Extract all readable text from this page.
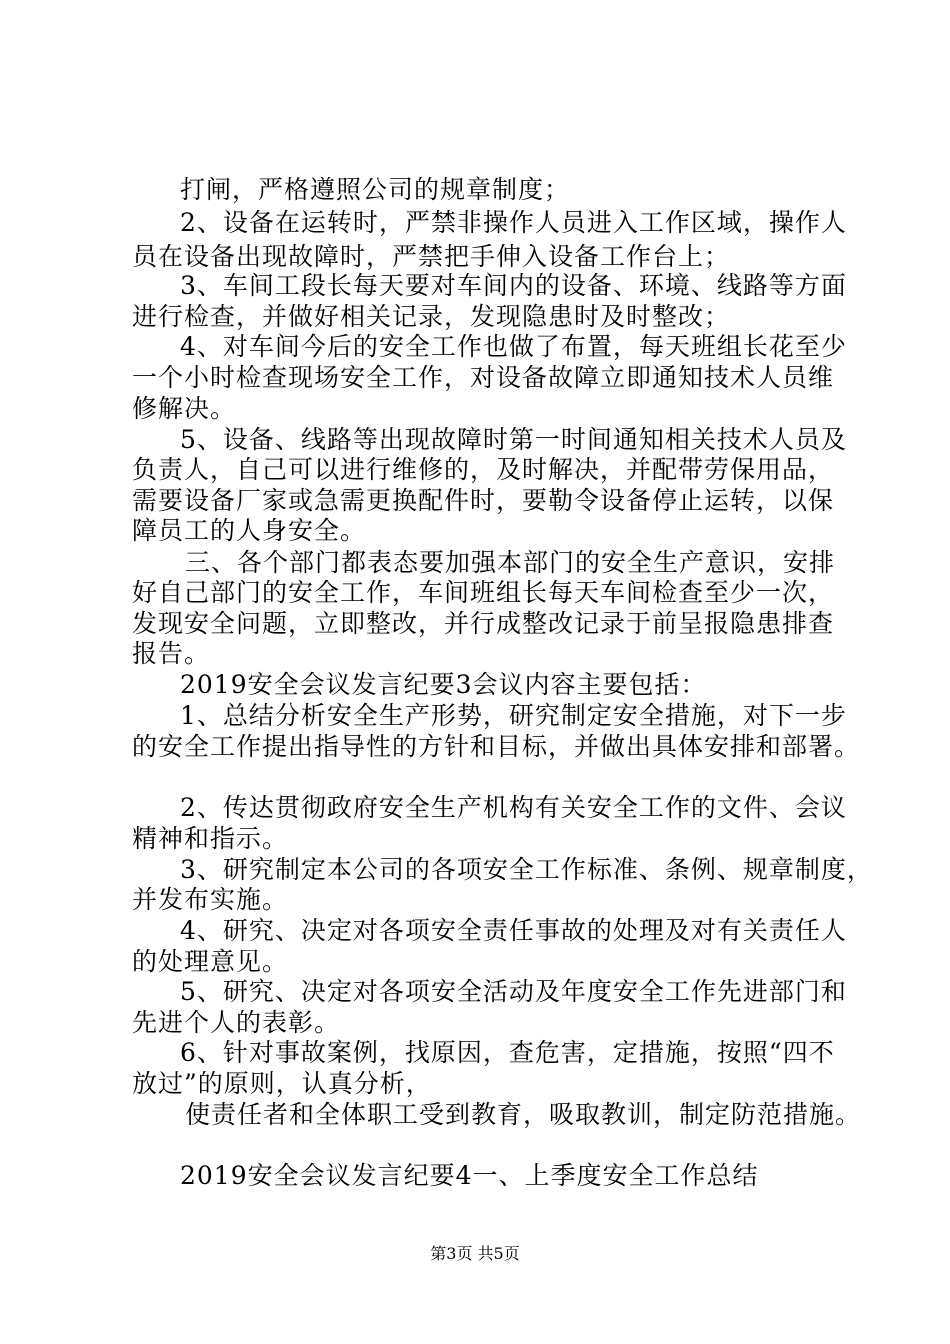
打闸，严格遵照公司的规章制度；
2、设备在运转时，严禁非操作人员进入工作区域，操作人
员在设备出现故障时，严禁把手伸入设备工作台上；
3、车间工段长每天要对车间内的设备、环境、线路等方面
进行检查，并做好相关记录，发现隐患时及时整改；
4、对车间今后的安全工作也做了布置，每天班组长花至少
一个小时检查现场安全工作，对设备故障立即通知技术人员维
修解决。
5、设备、线路等出现故障时第一时间通知相关技术人员及
负责人，自己可以进行维修的，及时解决，并配带劳保用品，
需要设备厂家或急需更换配件时，要勒令设备停止运转，以保
障员工的人身安全。
三、各个部门都表态要加强本部门的安全生产意识，安排
好自己部门的安全工作，车间班组长每天车间检查至少一次，
发现安全问题，立即整改，并行成整改记录于前呈报隐患排查
报告。
2019安全会议发言纪要3会议内容主要包括：
1、总结分析安全生产形势，研究制定安全措施，对下一步
的安全工作提出指导性的方针和目标，并做出具体安排和部署。
2、传达贯彻政府安全生产机构有关安全工作的文件、会议
精神和指示。
3、研究制定本公司的各项安全工作标准、条例、规章制度，
并发布实施。
4、研究、决定对各项安全责任事故的处理及对有关责任人
的处理意见。
5、研究、决定对各项安全活动及年度安全工作先进部门和
先进个人的表彰。
6、针对事故案例，找原因，查危害，定措施，按照“四不
放过”的原则，认真分析，
使责任者和全体职工受到教育，吸取教训，制定防范措施。
2019安全会议发言纪要4一、上季度安全工作总结
第3页 共5页
